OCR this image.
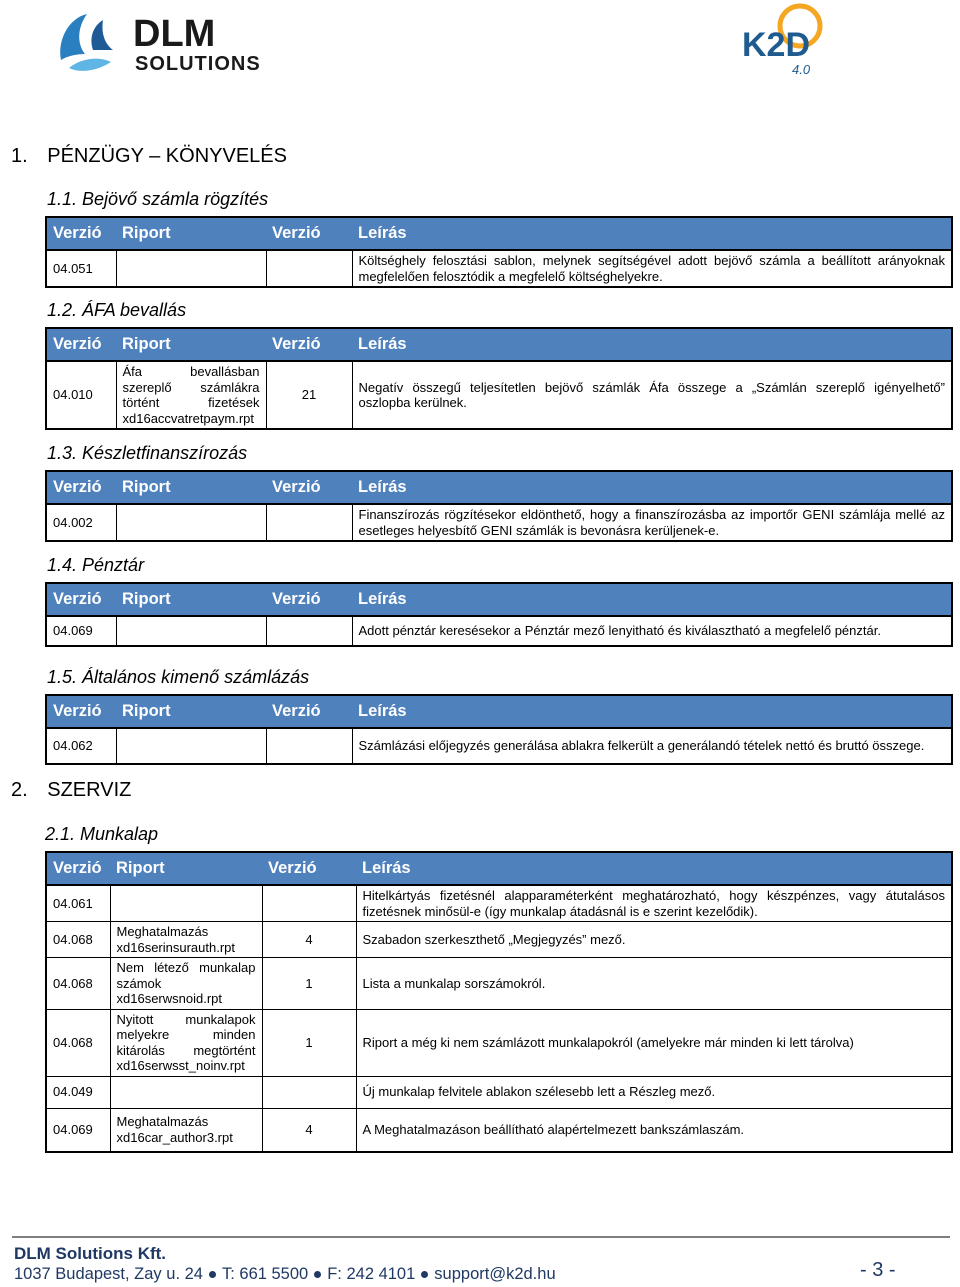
DLM
SOLUTIONS	K2D
4.0
1. PÉNZÜGY – KÖNYVELÉS
1.1. Bejövő számla rögzítés
Verzió	Riport	Verzió	Leírás
04.051			Költséghely felosztási sablon, melynek segítségével adott bejövő számla a beállított arányoknak megfelelően felosztódik a megfelelő költséghelyekre.
1.2. ÁFA bevallás
Verzió	Riport	Verzió	Leírás
04.010	Áfa bevallásban szereplő számlákra történt fizetések xd16accvatretpaym.rpt	21	Negatív összegű teljesítetlen bejövő számlák Áfa összege a „Számlán szereplő igényelhető” oszlopba kerülnek.
1.3. Készletfinanszírozás
Verzió	Riport	Verzió	Leírás
04.002			Finanszírozás rögzítésekor eldönthető, hogy a finanszírozásba az importőr GENI számlája mellé az esetleges helyesbítő GENI számlák is bevonásra kerüljenek-e.
1.4. Pénztár
Verzió	Riport	Verzió	Leírás
04.069			Adott pénztár keresésekor a Pénztár mező lenyitható és kiválasztható a megfelelő pénztár.
1.5. Általános kimenő számlázás
Verzió	Riport	Verzió	Leírás
04.062			Számlázási előjegyzés generálása ablakra felkerült a generálandó tételek nettó és bruttó összege.
2. SZERVIZ
2.1. Munkalap
Verzió	Riport	Verzió	Leírás
04.061			Hitelkártyás fizetésnél alapparaméterként meghatározható, hogy készpénzes, vagy átutalásos fizetésnek minősül-e (így munkalap átadásnál is e szerint kezelődik).
04.068	Meghatalmazás xd16serinsurauth.rpt	4	Szabadon szerkeszthető „Megjegyzés” mező.
04.068	Nem létező munkalap számok xd16serwsnoid.rpt	1	Lista a munkalap sorszámokról.
04.068	Nyitott munkalapok melyekre minden kitárolás megtörtént xd16serwsst_noinv.rpt	1	Riport a még ki nem számlázott munkalapokról (amelyekre már minden ki lett tárolva)
04.049			Új munkalap felvitele ablakon szélesebb lett a Részleg mező.
04.069	Meghatalmazás xd16car_author3.rpt	4	A Meghatalmazáson beállítható alapértelmezett bankszámlaszám.
DLM Solutions Kft.
1037 Budapest, Zay u. 24 T: 661 5500 F: 242 4101 support@k2d.hu	- 3 -
